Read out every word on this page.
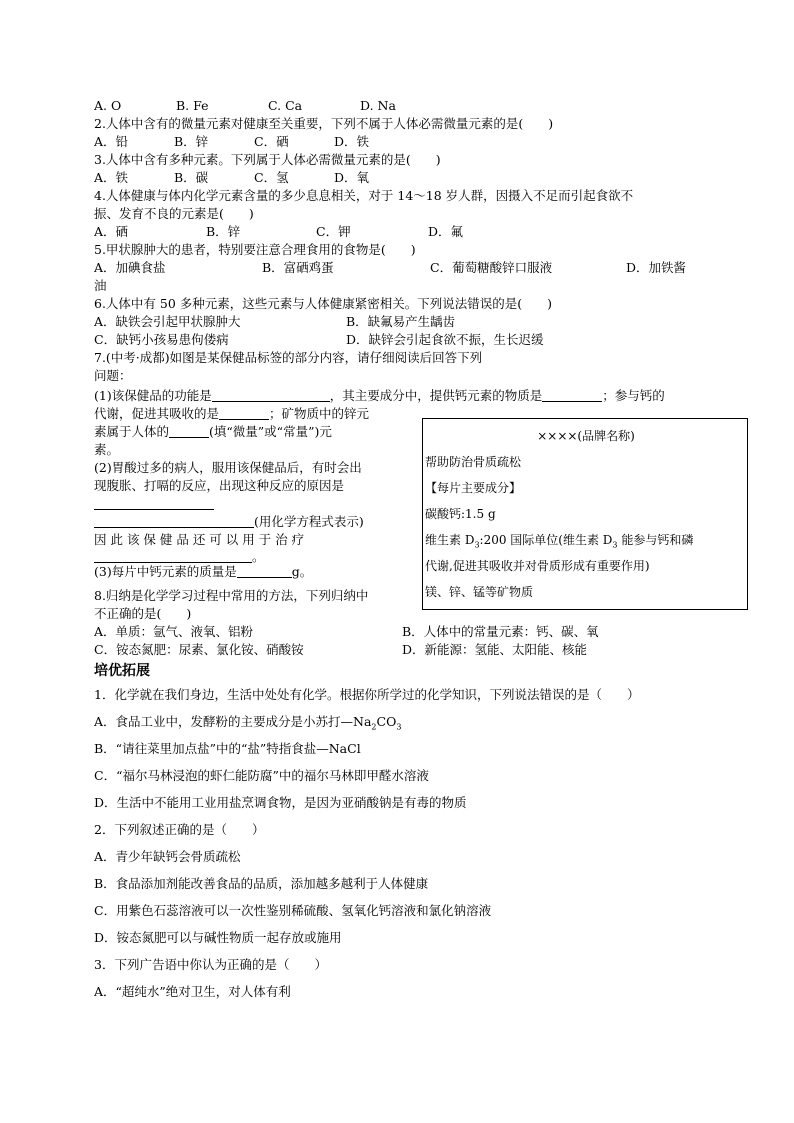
A. O	B. Fe	C. Ca	D. Na
2.人体中含有的微量元素对健康至关重要，下列不属于人体必需微量元素的是(　　)
A．铅	B．锌	C．硒	D．铁
3.人体中含有多种元素。下列属于人体必需微量元素的是(　　)
A．铁	B．碳	C．氢	D．氧
4.人体健康与体内化学元素含量的多少息息相关，对于 14～18 岁人群，因摄入不足而引起食欲不
振、发育不良的元素是(　　)
A．硒	B．锌	C．钾	D．氟
5.甲状腺肿大的患者，特别要注意合理食用的食物是(　　)
A．加碘食盐	B．富硒鸡蛋	C．葡萄糖酸锌口服液	D．加铁酱
油
6.人体中有 50 多种元素，这些元素与人体健康紧密相关。下列说法错误的是(　　)
A．缺铁会引起甲状腺肿大	B．缺氟易产生龋齿
C．缺钙小孩易患佝偻病	D．缺锌会引起食欲不振，生长迟缓
7.(中考·成都)如图是某保健品标签的部分内容，请仔细阅读后回答下列
问题：
(1)该保健品的功能是	，其主要成分中，提供钙元素的物质是	；参与钙的
代谢，促进其吸收的是	；矿物质中的锌元
素属于人体的	(填“微量”或“常量”)元
素。
(2)胃酸过多的病人，服用该保健品后，有时会出
现腹胀、打嗝的反应，出现这种反应的原因是
(用化学方程式表示)
因 此 该 保 健 品 还 可 以 用 于 治 疗
。
(3)每片中钙元素的质量是	g。
8.归纳是化学学习过程中常用的方法，下列归纳中
不正确的是(　　)
A．单质：氩气、液氧、铝粉	B．人体中的常量元素：钙、碳、氧
C．铵态氮肥：尿素、氯化铵、硝酸铵	D．新能源：氢能、太阳能、核能
培优拓展
1．化学就在我们身边，生活中处处有化学。根据你所学过的化学知识，下列说法错误的是（　　）
A．食品工业中，发酵粉的主要成分是小苏打$—Na_2CO_3$
B．“请往菜里加点盐”中的“盐”特指食盐—NaCl
C．“福尔马林浸泡的虾仁能防腐”中的福尔马林即甲醛水溶液
D．生活中不能用工业用盐烹调食物，是因为亚硝酸钠是有毒的物质
2．下列叙述正确的是（　　）
A．青少年缺钙会骨质疏松
B．食品添加剂能改善食品的品质，添加越多越利于人体健康
C．用紫色石蕊溶液可以一次性鉴别稀硫酸、氢氧化钙溶液和氯化钠溶液
D．铵态氮肥可以与碱性物质一起存放或施用
3．下列广告语中你认为正确的是（　　）
A．“超纯水”绝对卫生，对人体有利
××××(品牌名称)
帮助防治骨质疏松
【每片主要成分】
碳酸钙:1.5 g
维生素 $D_3:200$ 国际单位(维生素 $D_3$ 能参与钙和磷
代谢,促进其吸收并对骨质形成有重要作用)
镁、锌、锰等矿物质
